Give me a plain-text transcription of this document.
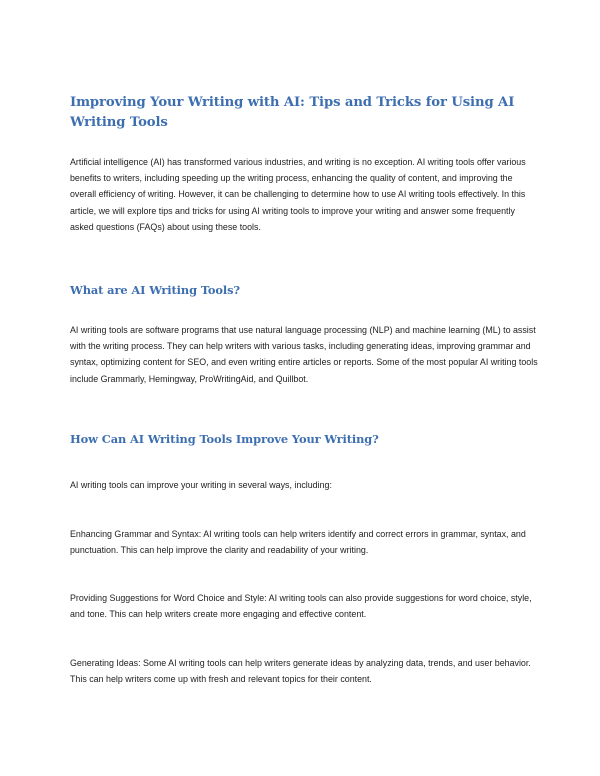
Improving Your Writing with AI: Tips and Tricks for Using AI Writing Tools

Artificial intelligence (AI) has transformed various industries, and writing is no exception. AI writing tools offer various benefits to writers, including speeding up the writing process, enhancing the quality of content, and improving the overall efficiency of writing. However, it can be challenging to determine how to use AI writing tools effectively. In this article, we will explore tips and tricks for using AI writing tools to improve your writing and answer some frequently asked questions (FAQs) about using these tools.

What are AI Writing Tools?

AI writing tools are software programs that use natural language processing (NLP) and machine learning (ML) to assist with the writing process. They can help writers with various tasks, including generating ideas, improving grammar and syntax, optimizing content for SEO, and even writing entire articles or reports. Some of the most popular AI writing tools include Grammarly, Hemingway, ProWritingAid, and Quillbot.

How Can AI Writing Tools Improve Your Writing?

AI writing tools can improve your writing in several ways, including:

Enhancing Grammar and Syntax: AI writing tools can help writers identify and correct errors in grammar, syntax, and punctuation. This can help improve the clarity and readability of your writing.

Providing Suggestions for Word Choice and Style: AI writing tools can also provide suggestions for word choice, style, and tone. This can help writers create more engaging and effective content.

Generating Ideas: Some AI writing tools can help writers generate ideas by analyzing data, trends, and user behavior. This can help writers come up with fresh and relevant topics for their content.
